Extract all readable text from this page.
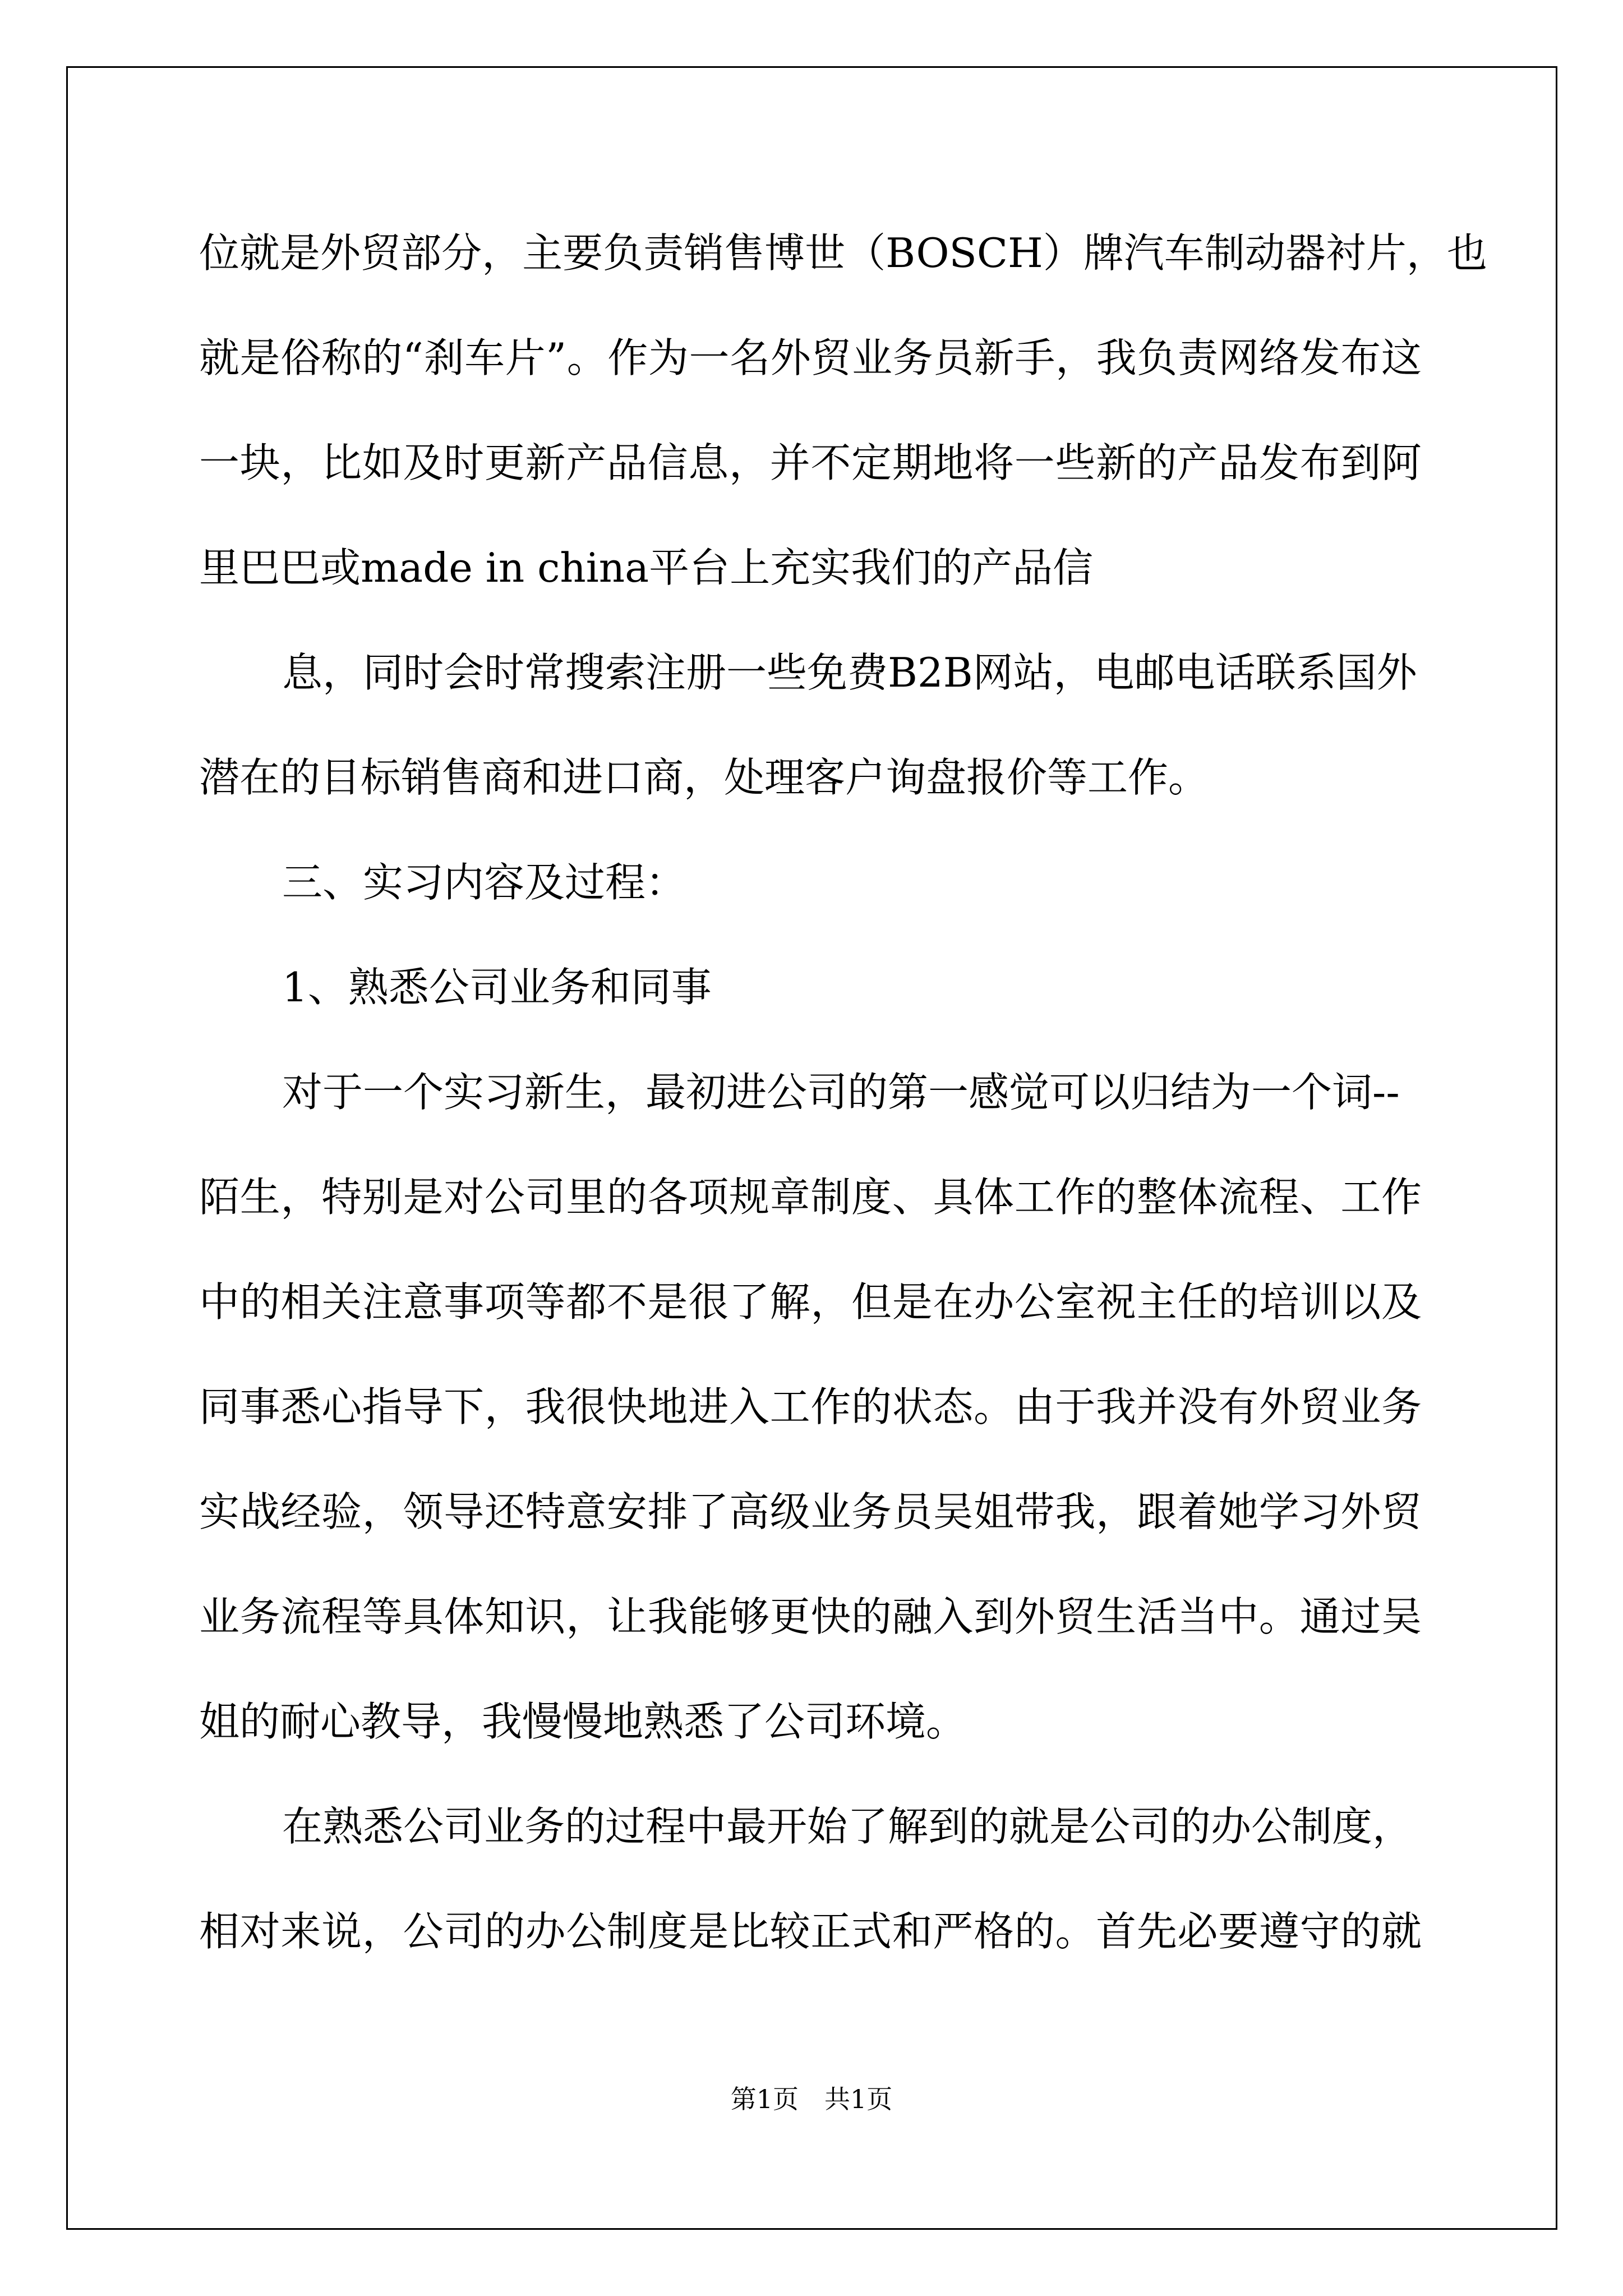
位 就 是 外 贸 部 分 ， 主 要 负 责 销 售 博 世 （ BOSCH ） 牌 汽 车 制 动 器 衬 片 ， 也
就 是 俗 称 的 “ 刹 车 片 ” 。 作 为 一 名 外 贸 业 务 员 新 手 ， 我 负 责 网 络 发 布 这
一 块 ， 比 如 及 时 更 新 产 品 信 息 ， 并 不 定 期 地 将 一 些 新 的 产 品 发 布 到 阿
里巴巴或made in china平台上充实我们的产品信
息，同时会时常搜索注册一些免费B2B网站，电邮电话联系国外
潜在的目标销售商和进口商，处理客户询盘报价等工作。
三、实习内容及过程：
1、熟悉公司业务和同事
对于一个实习新生，最初进公司的第一感觉可以归结为一个词--
陌 生 ， 特 别 是 对 公 司 里 的 各 项 规 章 制 度 、 具 体 工 作 的 整 体 流 程 、 工 作
中 的 相 关 注 意 事 项 等 都 不 是 很 了 解 ， 但 是 在 办 公 室 祝 主 任 的 培 训 以 及
同 事 悉 心 指 导 下 ， 我 很 快 地 进 入 工 作 的 状 态 。 由 于 我 并 没 有 外 贸 业 务
实 战 经 验 ， 领 导 还 特 意 安 排 了 高 级 业 务 员 吴 姐 带 我 ， 跟 着 她 学 习 外 贸
业 务 流 程 等 具 体 知 识 ， 让 我 能 够 更 快 的 融 入 到 外 贸 生 活 当 中 。 通 过 吴
姐的耐心教导，我慢慢地熟悉了公司环境。
在熟悉公司业务的过程中最开始了解到的就是公司的办公制度，
相 对 来 说 ， 公 司 的 办 公 制 度 是 比 较 正 式 和 严 格 的 。 首 先 必 要 遵 守 的 就
第1页　共1页
